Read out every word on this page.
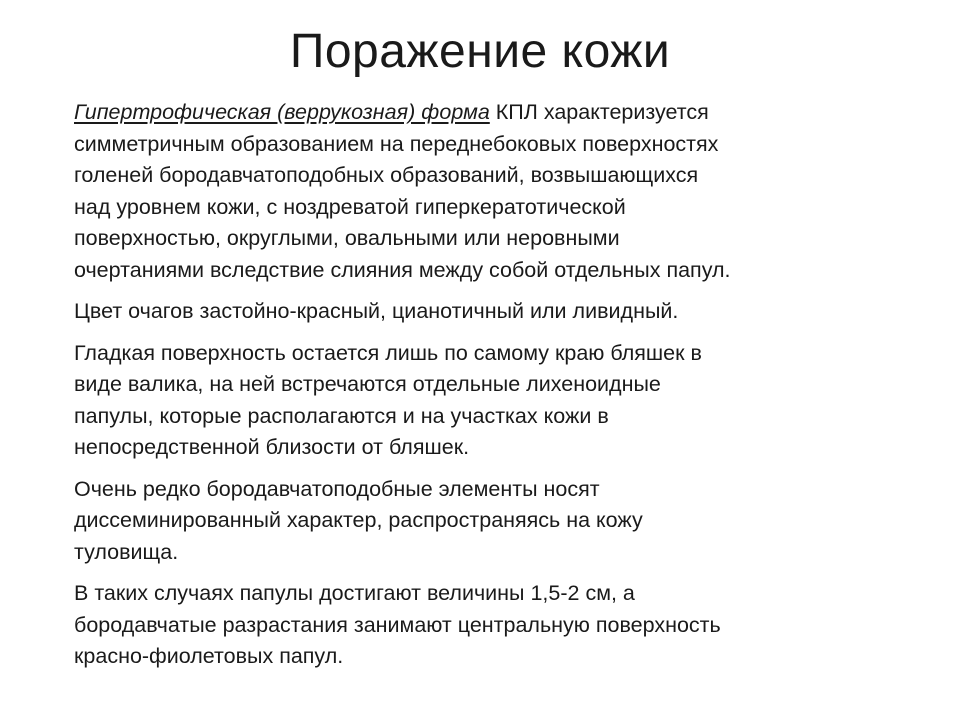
Поражение кожи

Гипертрофическая (веррукозная) форма КПЛ характеризуется
симметричным образованием на переднебоковых поверхностях
голеней бородавчатоподобных образований, возвышающихся
над уровнем кожи, с ноздреватой гиперкератотической
поверхностью, округлыми, овальными или неровными
очертаниями вследствие слияния между собой отдельных папул.

Цвет очагов застойно-красный, цианотичный или ливидный.

Гладкая поверхность остается лишь по самому краю бляшек в
виде валика, на ней встречаются отдельные лихеноидные
папулы, которые располагаются и на участках кожи в
непосредственной близости от бляшек.

Очень редко бородавчатоподобные элементы носят
диссеминированный характер, распространяясь на кожу
туловища.

В таких случаях папулы достигают величины 1,5-2 см, а
бородавчатые разрастания занимают центральную поверхность
красно-фиолетовых папул.
